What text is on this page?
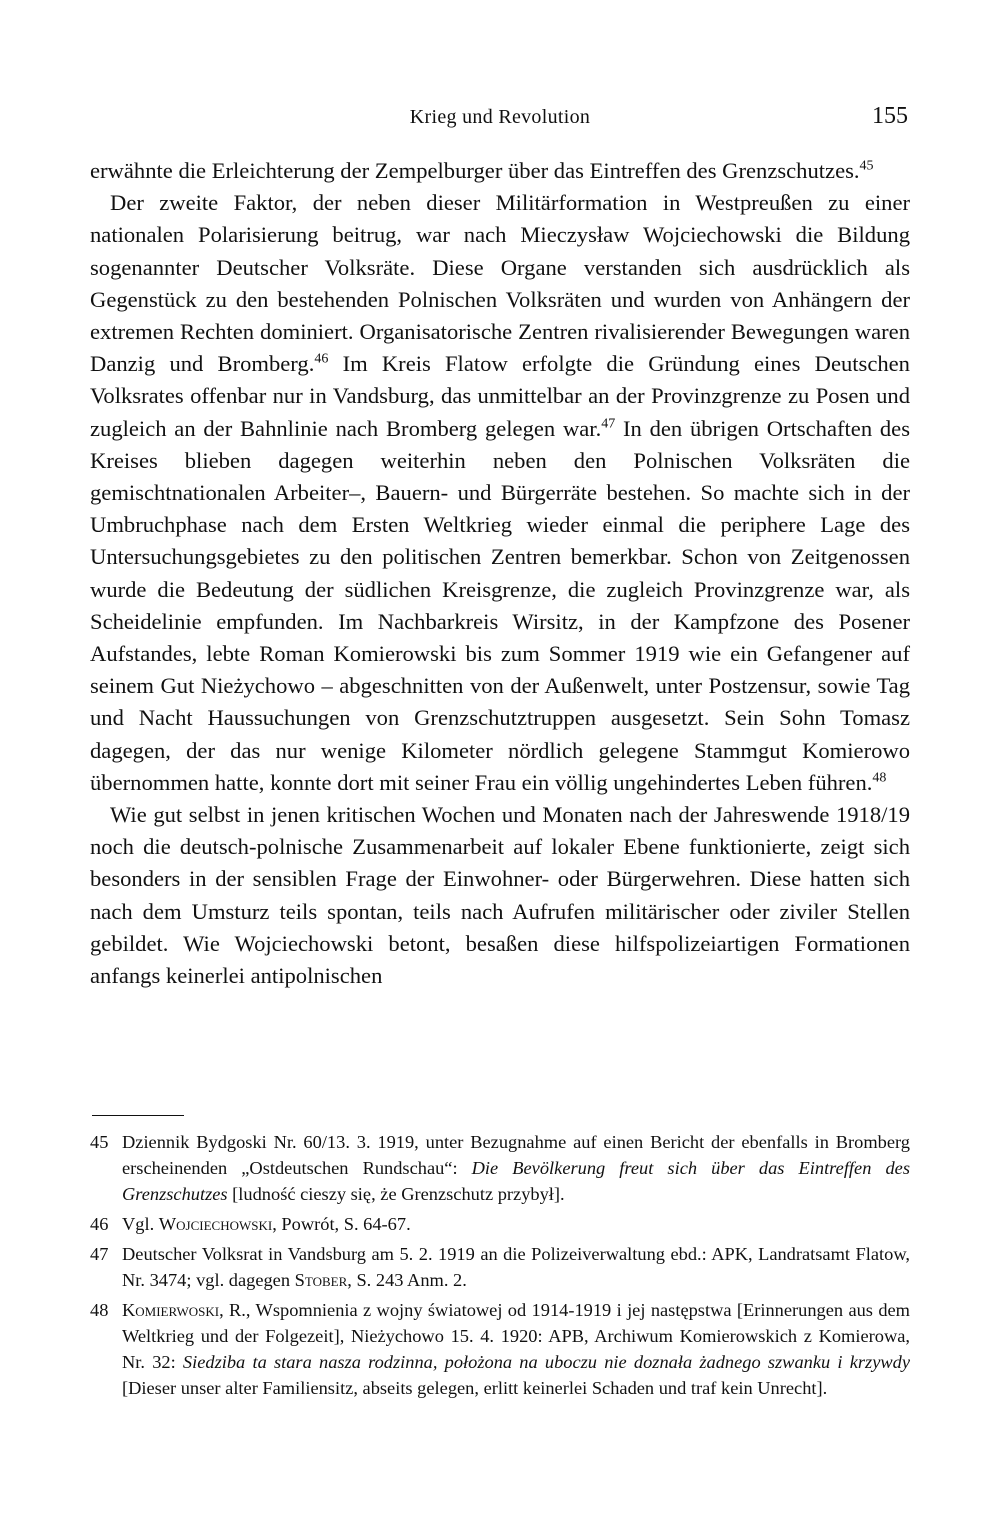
Krieg und Revolution	155

erwähnte die Erleichterung der Zempelburger über das Eintreffen des Grenzschutzes.$^{45}$

Der zweite Faktor, der neben dieser Militärformation in Westpreußen zu einer nationalen Polarisierung beitrug, war nach Mieczysław Wojciechowski die Bildung sogenannter Deutscher Volksräte. Diese Organe verstanden sich ausdrücklich als Gegenstück zu den bestehenden Polnischen Volksräten und wurden von Anhängern der extremen Rechten dominiert. Organisatorische Zentren rivalisierender Bewegungen waren Danzig und Bromberg.$^{46}$ Im Kreis Flatow erfolgte die Gründung eines Deutschen Volksrates offenbar nur in Vandsburg, das unmittelbar an der Provinzgrenze zu Posen und zugleich an der Bahnlinie nach Bromberg gelegen war.$^{47}$ In den übrigen Ortschaften des Kreises blieben dagegen weiterhin neben den Polnischen Volksräten die gemischtnationalen Arbeiter–, Bauern- und Bürgerräte bestehen. So machte sich in der Umbruchphase nach dem Ersten Weltkrieg wieder einmal die periphere Lage des Untersuchungsgebietes zu den politischen Zentren bemerkbar. Schon von Zeitgenossen wurde die Bedeutung der südlichen Kreisgrenze, die zugleich Provinzgrenze war, als Scheidelinie empfunden. Im Nachbarkreis Wirsitz, in der Kampfzone des Posener Aufstandes, lebte Roman Komierowski bis zum Sommer 1919 wie ein Gefangener auf seinem Gut Nieżychowo – abgeschnitten von der Außenwelt, unter Postzensur, sowie Tag und Nacht Haussuchungen von Grenzschutztruppen ausgesetzt. Sein Sohn Tomasz dagegen, der das nur wenige Kilometer nördlich gelegene Stammgut Komierowo übernommen hatte, konnte dort mit seiner Frau ein völlig ungehindertes Leben führen.$^{48}$

Wie gut selbst in jenen kritischen Wochen und Monaten nach der Jahreswende 1918/19 noch die deutsch-polnische Zusammenarbeit auf lokaler Ebene funktionierte, zeigt sich besonders in der sensiblen Frage der Einwohner- oder Bürgerwehren. Diese hatten sich nach dem Umsturz teils spontan, teils nach Aufrufen militärischer oder ziviler Stellen gebildet. Wie Wojciechowski betont, besaßen diese hilfspolizeiartigen Formationen anfangs keinerlei antipolnischen

45 Dziennik Bydgoski Nr. 60/13. 3. 1919, unter Bezugnahme auf einen Bericht der ebenfalls in Bromberg erscheinenden „Ostdeutschen Rundschau“: Die Bevölkerung freut sich über das Eintreffen des Grenzschutzes [ludność cieszy się, że Grenzschutz przybył].
46 Vgl. Wojciechowski, Powrót, S. 64-67.
47 Deutscher Volksrat in Vandsburg am 5. 2. 1919 an die Polizeiverwaltung ebd.: APK, Landratsamt Flatow, Nr. 3474; vgl. dagegen Stober, S. 243 Anm. 2.
48 Komierwoski, R., Wspomnienia z wojny światowej od 1914-1919 i jej następstwa [Erinnerungen aus dem Weltkrieg und der Folgezeit], Nieżychowo 15. 4. 1920: APB, Archiwum Komierowskich z Komierowa, Nr. 32: Siedziba ta stara nasza rodzinna, położona na uboczu nie doznała żadnego szwanku i krzywdy [Dieser unser alter Familiensitz, abseits gelegen, erlitt keinerlei Schaden und traf kein Unrecht].
